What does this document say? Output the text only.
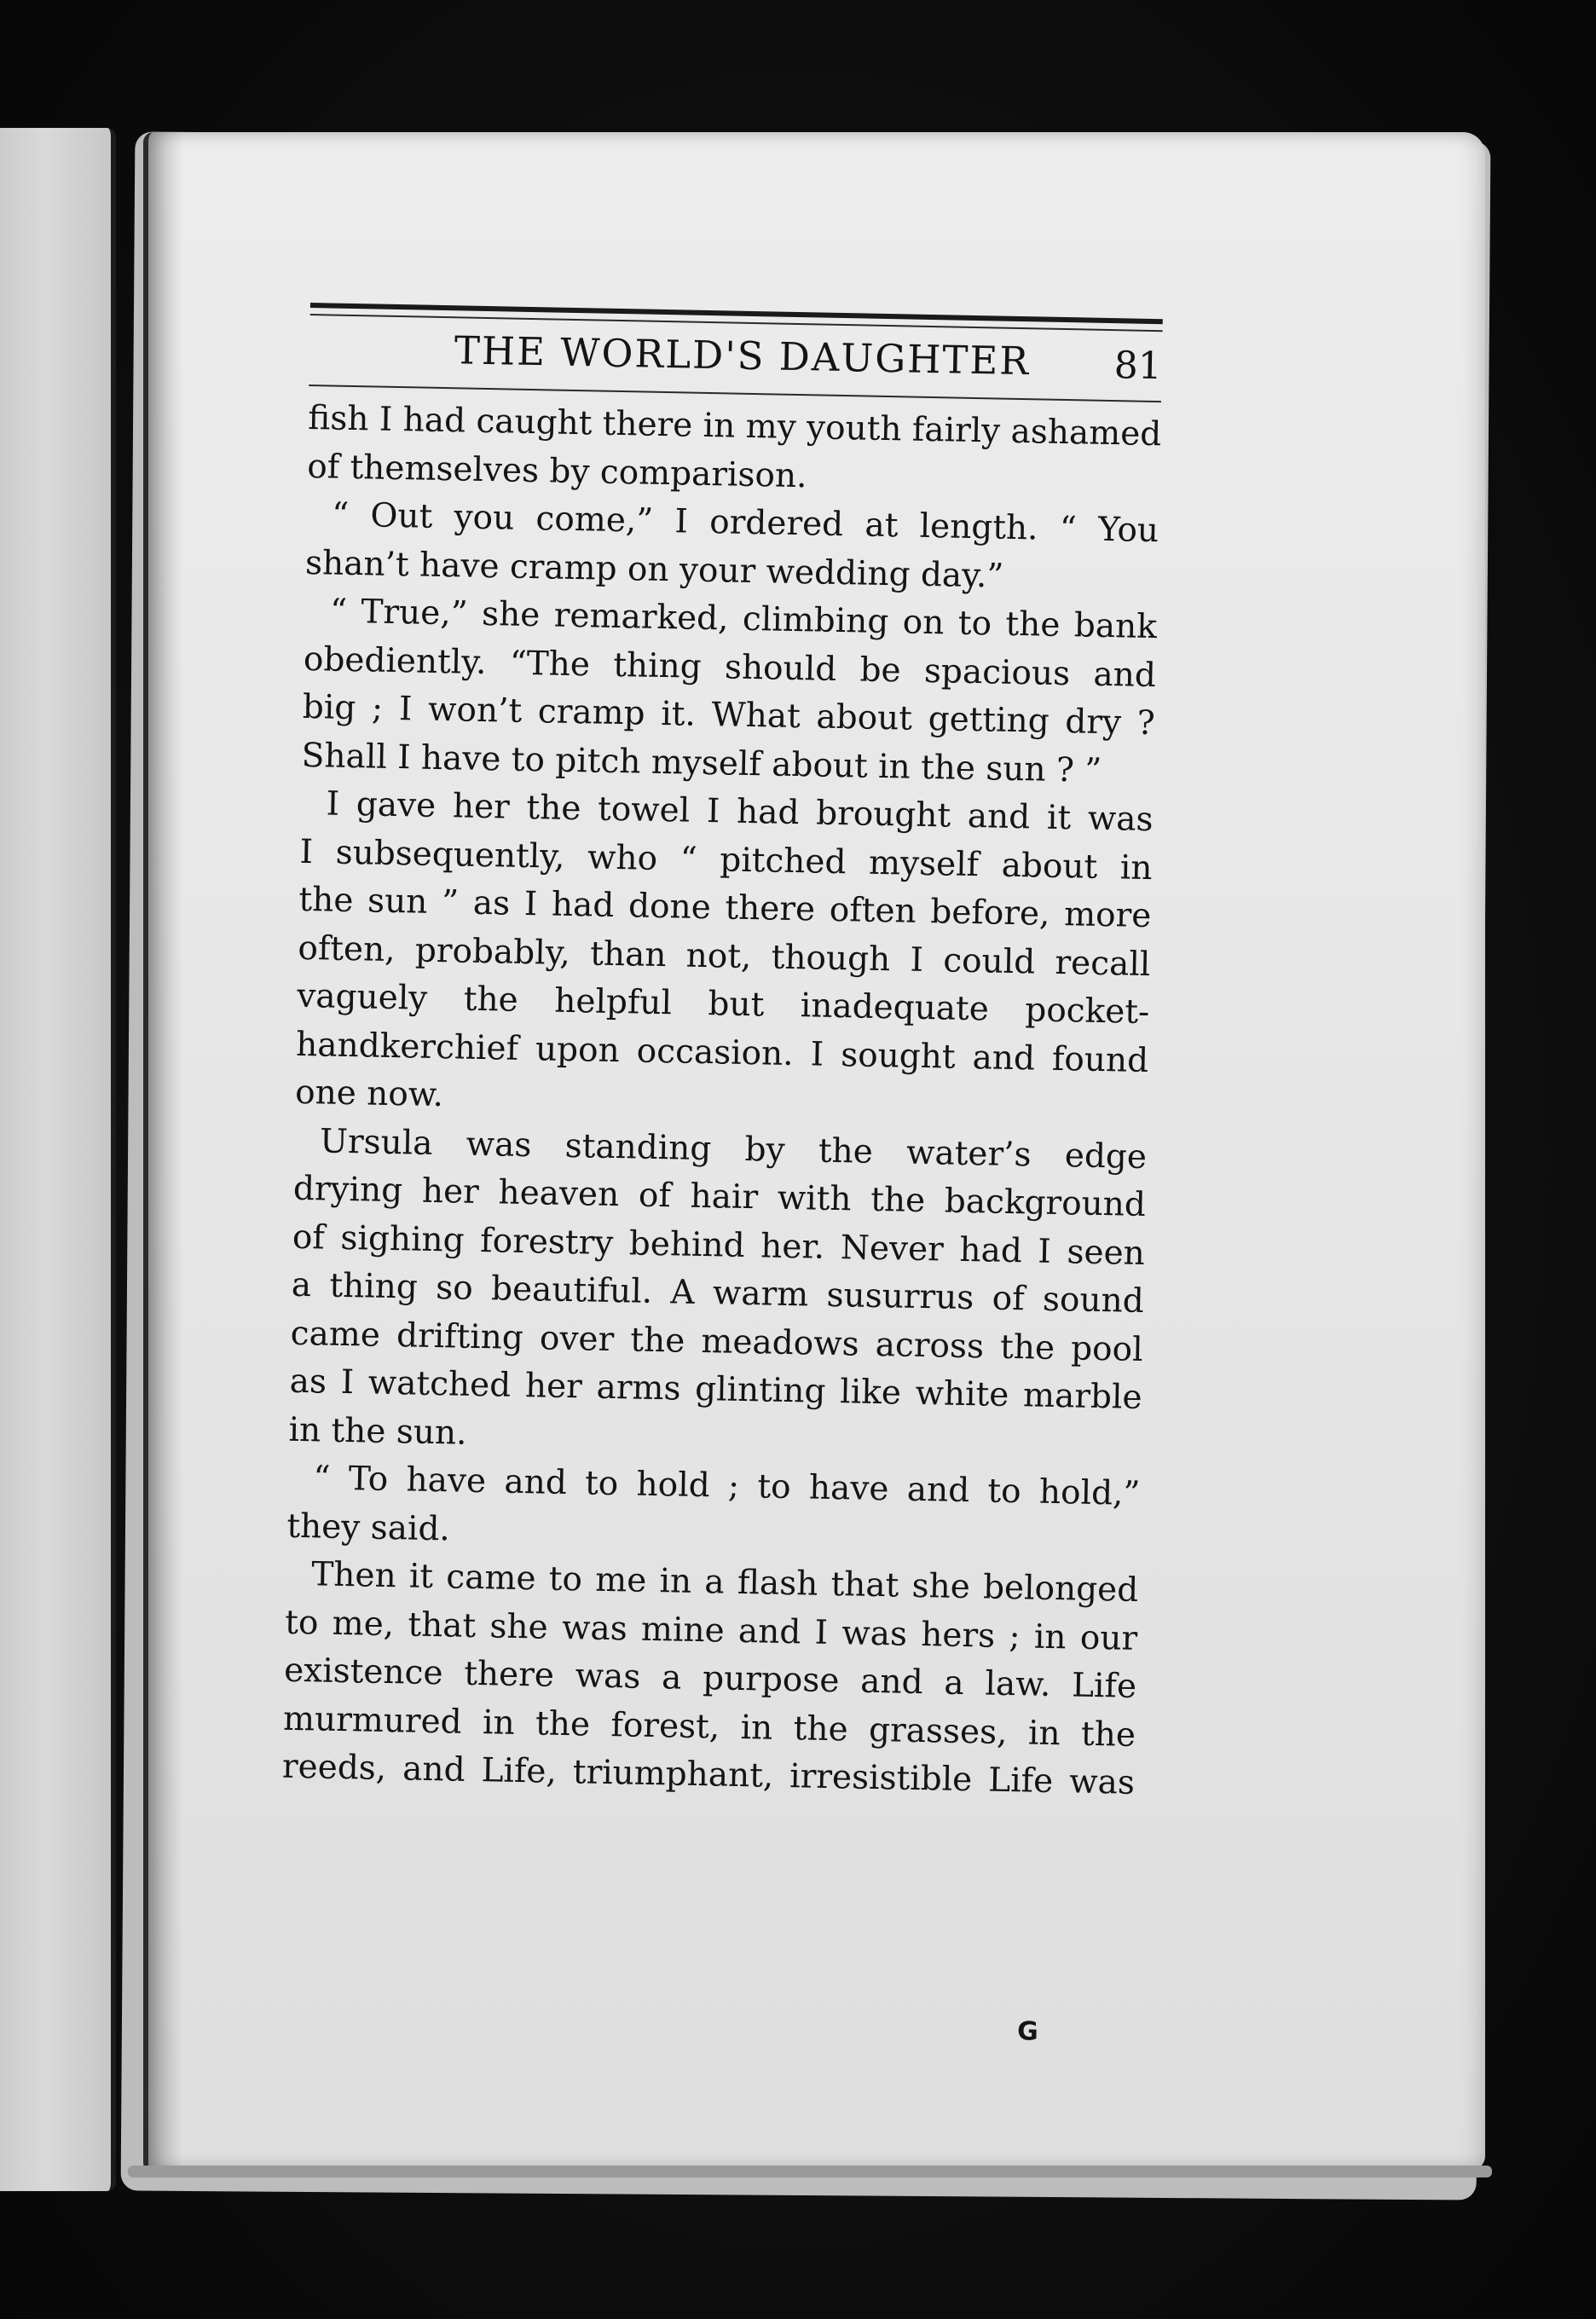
THE WORLD'S DAUGHTER 81
fish I had caught there in my youth fairly ashamed
of themselves by comparison.
“ Out you come,” I ordered at length. “ You
shan’t have cramp on your wedding day.”
“ True,” she remarked, climbing on to the bank
obediently. “The thing should be spacious and
big ; I won’t cramp it. What about getting dry ?
Shall I have to pitch myself about in the sun ? ”
I gave her the towel I had brought and it was
I subsequently, who “ pitched myself about in
the sun ” as I had done there often before, more
often, probably, than not, though I could recall
vaguely the helpful but inadequate pocket-
handkerchief upon occasion. I sought and found
one now.
Ursula was standing by the water’s edge
drying her heaven of hair with the background
of sighing forestry behind her. Never had I seen
a thing so beautiful. A warm susurrus of sound
came drifting over the meadows across the pool
as I watched her arms glinting like white marble
in the sun.
“ To have and to hold ; to have and to hold,”
they said.
Then it came to me in a flash that she belonged
to me, that she was mine and I was hers ; in our
existence there was a purpose and a law. Life
murmured in the forest, in the grasses, in the
reeds, and Life, triumphant, irresistible Life was
G
